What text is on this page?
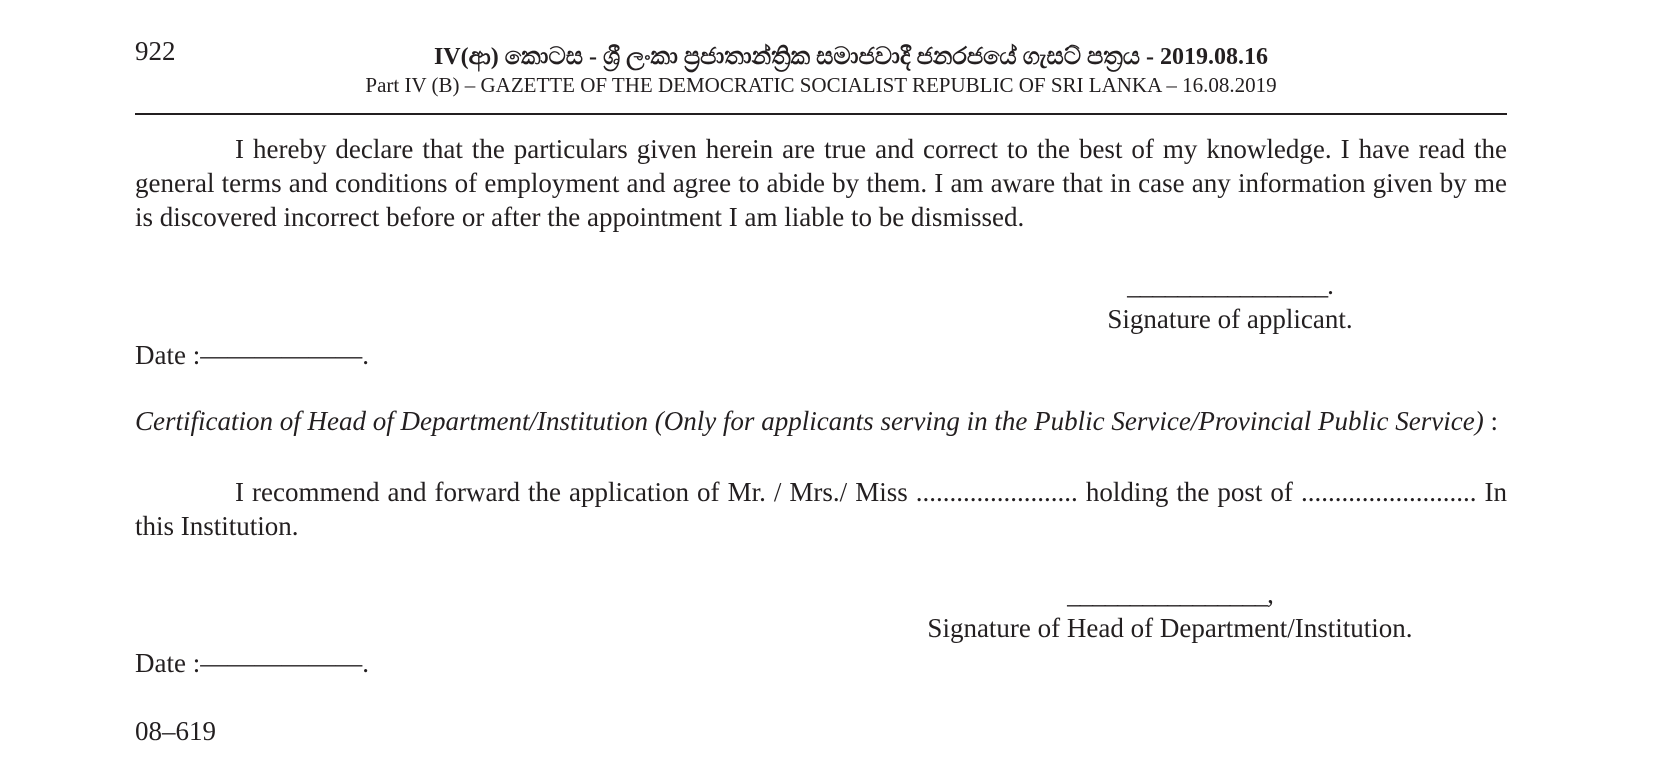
922	IV(ආ) කොටස - ශ්‍රී ලංකා ප්‍රජාතාන්ත්‍රික සමාජවාදී ජනරජයේ ගැසට් පත්‍රය - 2019.08.16
Part IV (B) – GAZETTE OF THE DEMOCRATIC SOCIALIST REPUBLIC OF SRI LANKA – 16.08.2019
I hereby declare that the particulars given herein are true and correct to the best of my knowledge. I have read the general terms and conditions of employment and agree to abide by them. I am aware that in case any information given by me is discovered incorrect before or after the appointment I am liable to be dismissed.
________________.
Signature of applicant.
Date :——————.
Certification of Head of Department/Institution (Only for applicants serving in the Public Service/Provincial Public Service) :
I recommend and forward the application of Mr. / Mrs./ Miss ........................ holding the post of .......................... In this Institution.
________________,
Signature of Head of Department/Institution.
Date :——————.
08–619
